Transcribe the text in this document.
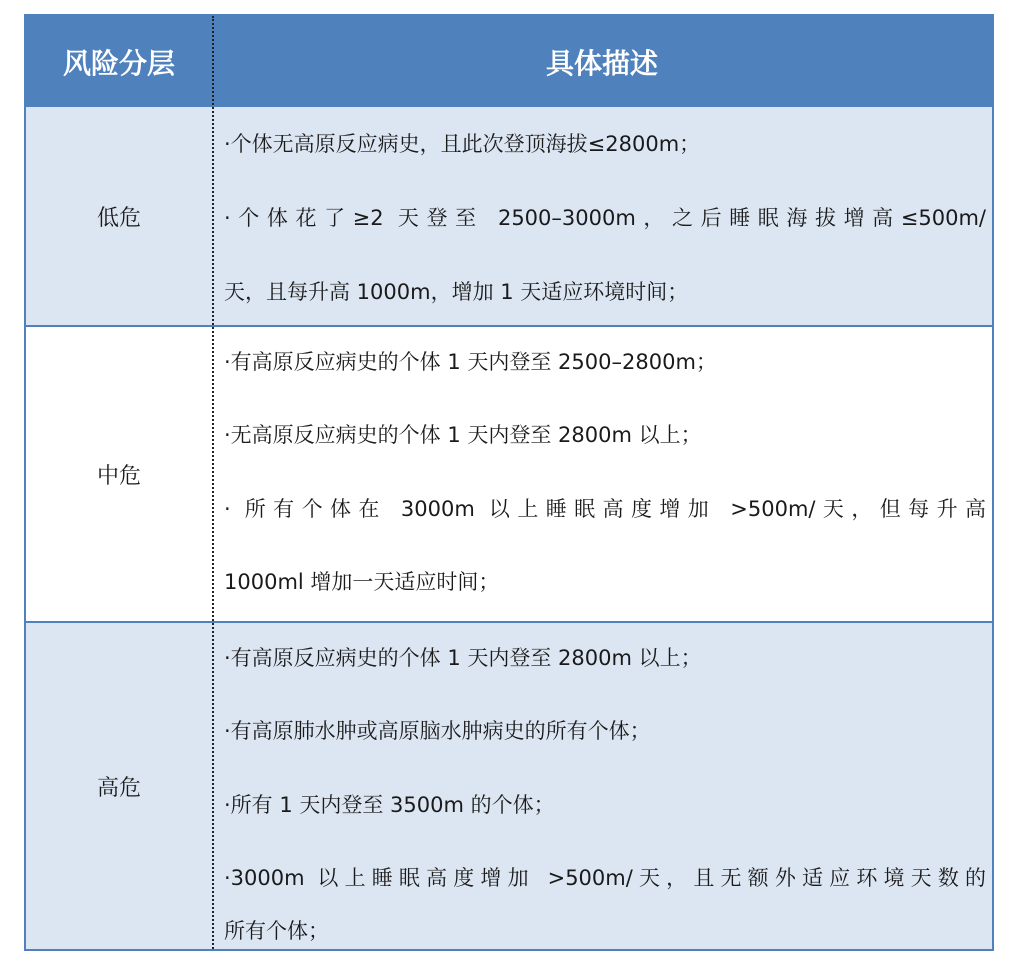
风险分层	具体描述
低危
·个体无高原反应病史，且此次登顶海拔≤2800m；
·个体花了≥2 天登至 2500–3000m，之后睡眠海拔增高≤500m/
天，且每升高 1000m，增加 1 天适应环境时间；
中危
·有高原反应病史的个体 1 天内登至 2500–2800m；
·无高原反应病史的个体 1 天内登至 2800m 以上；
· 所有个体在 3000m 以上睡眠高度增加 >500m/天，但每升高
1000ml 增加一天适应时间；
高危
·有高原反应病史的个体 1 天内登至 2800m 以上；
·有高原肺水肿或高原脑水肿病史的所有个体；
·所有 1 天内登至 3500m 的个体；
·3000m 以上睡眠高度增加 >500m/天，且无额外适应环境天数的
所有个体；
